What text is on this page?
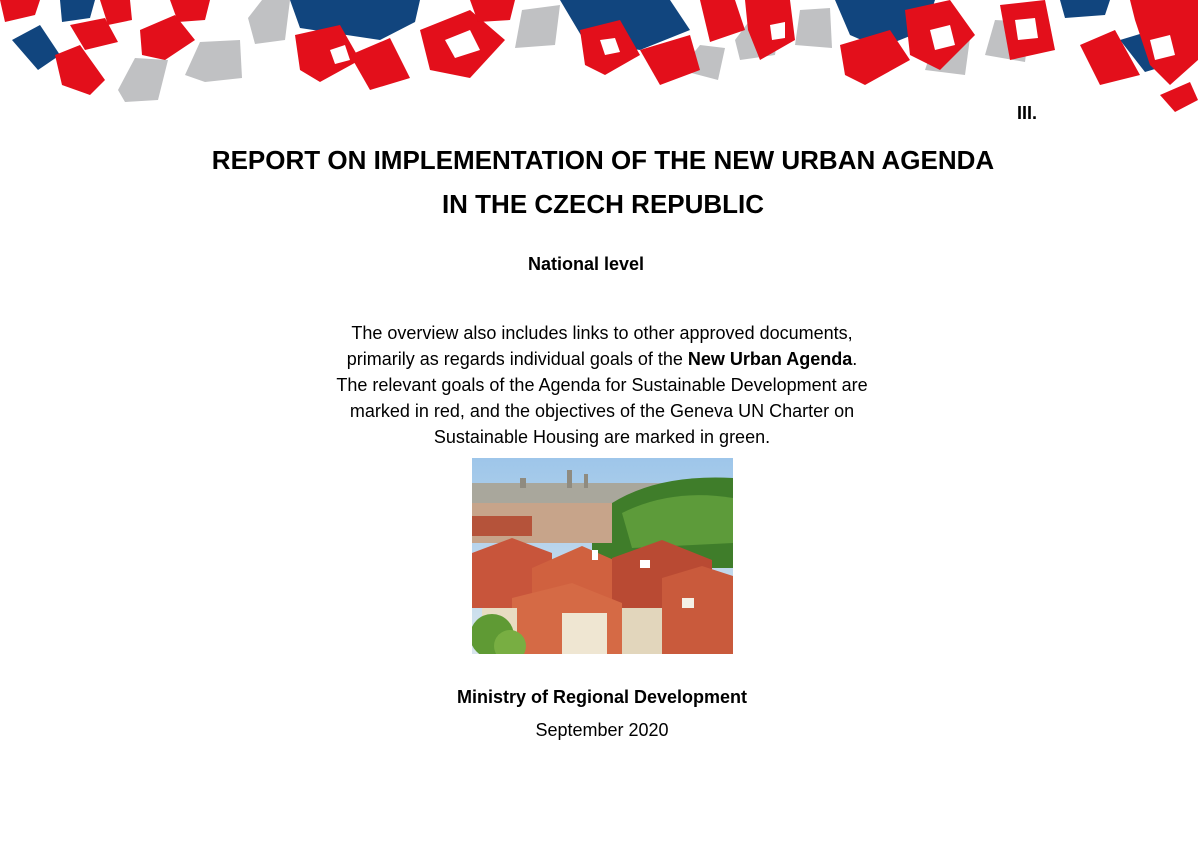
III.
REPORT ON IMPLEMENTATION OF THE NEW URBAN AGENDA
IN THE CZECH REPUBLIC
National level
The overview also includes links to other approved documents,
primarily as regards individual goals of the New Urban Agenda.
The relevant goals of the Agenda for Sustainable Development are
marked in red, and the objectives of the Geneva UN Charter on
Sustainable Housing are marked in green.
Ministry of Regional Development
September 2020
